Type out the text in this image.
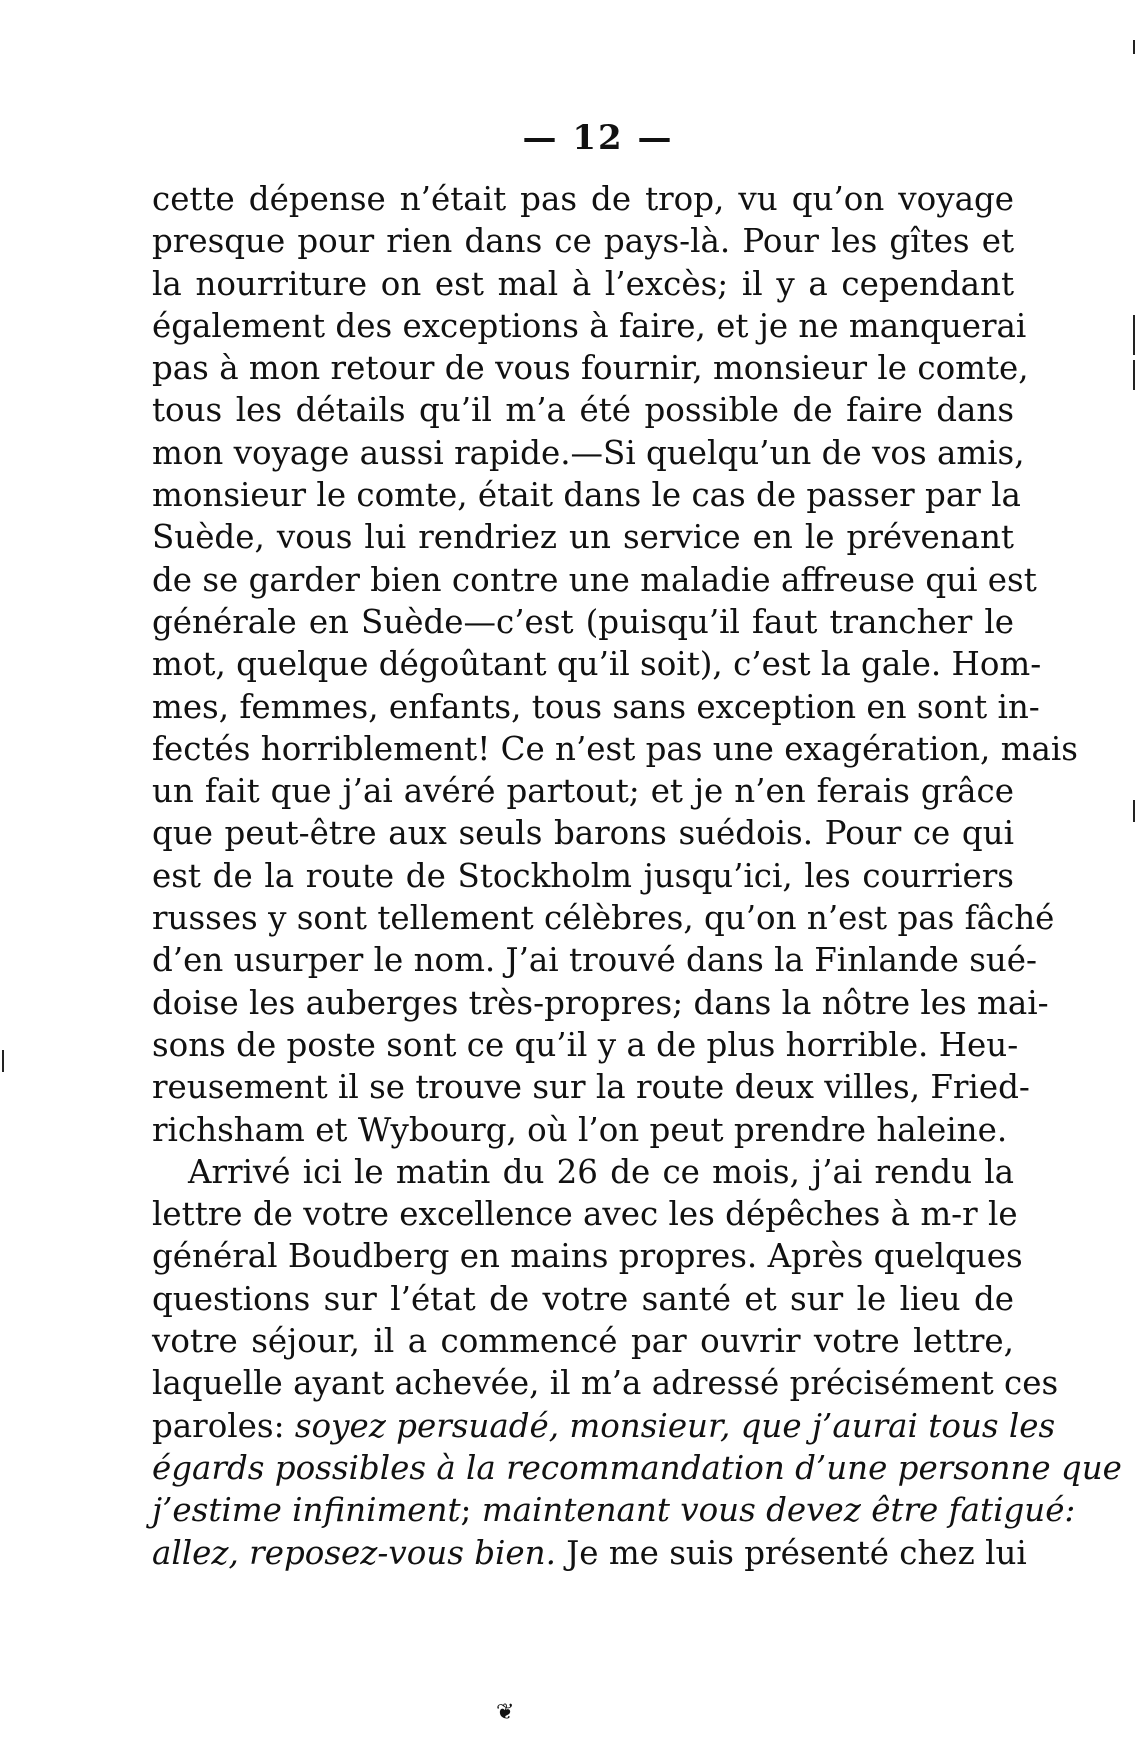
— 12 —
cette dépense n’était pas de trop, vu qu’on voyage
presque pour rien dans ce pays-là. Pour les gîtes et
la nourriture on est mal à l’excès; il y a cependant
également des exceptions à faire, et je ne manquerai
pas à mon retour de vous fournir, monsieur le comte,
tous les détails qu’il m’a été possible de faire dans
mon voyage aussi rapide.—Si quelqu’un de vos amis,
monsieur le comte, était dans le cas de passer par la
Suède, vous lui rendriez un service en le prévenant
de se garder bien contre une maladie affreuse qui est
générale en Suède—c’est (puisqu’il faut trancher le
mot, quelque dégoûtant qu’il soit), c’est la gale. Hom-
mes, femmes, enfants, tous sans exception en sont in-
fectés horriblement! Ce n’est pas une exagération, mais
un fait que j’ai avéré partout; et je n’en ferais grâce
que peut-être aux seuls barons suédois. Pour ce qui
est de la route de Stockholm jusqu’ici, les courriers
russes y sont tellement célèbres, qu’on n’est pas fâché
d’en usurper le nom. J’ai trouvé dans la Finlande sué-
doise les auberges très-propres; dans la nôtre les mai-
sons de poste sont ce qu’il y a de plus horrible. Heu-
reusement il se trouve sur la route deux villes, Fried-
richsham et Wybourg, où l’on peut prendre haleine.
Arrivé ici le matin du 26 de ce mois, j’ai rendu la
lettre de votre excellence avec les dépêches à m-r le
général Boudberg en mains propres. Après quelques
questions sur l’état de votre santé et sur le lieu de
votre séjour, il a commencé par ouvrir votre lettre,
laquelle ayant achevée, il m’a adressé précisément ces
paroles: soyez persuadé, monsieur, que j’aurai tous les
égards possibles à la recommandation d’une personne que
j’estime infiniment; maintenant vous devez être fatigué:
allez, reposez-vous bien. Je me suis présenté chez lui
❦
